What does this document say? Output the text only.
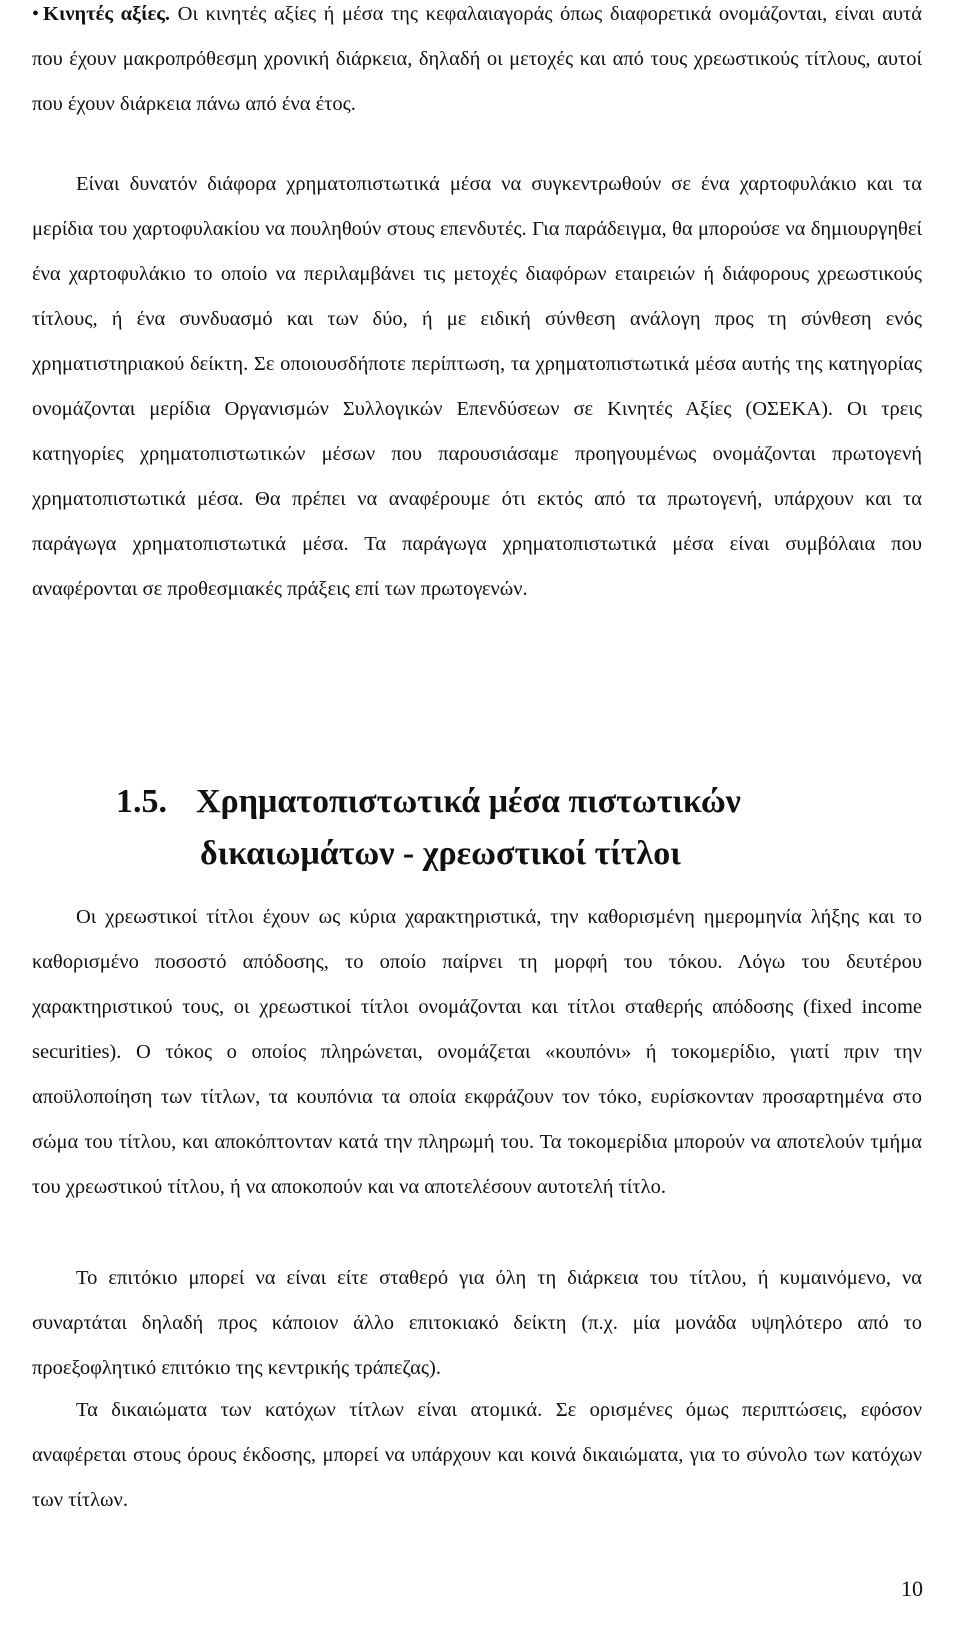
• Κινητές αξίες. Οι κινητές αξίες ή μέσα της κεφαλαιαγοράς όπως διαφορετικά ονομάζονται, είναι αυτά που έχουν μακροπρόθεσμη χρονική διάρκεια, δηλαδή οι μετοχές και από τους χρεωστικούς τίτλους, αυτοί που έχουν διάρκεια πάνω από ένα έτος.

Είναι δυνατόν διάφορα χρηματοπιστωτικά μέσα να συγκεντρωθούν σε ένα χαρτοφυλάκιο και τα μερίδια του χαρτοφυλακίου να πουληθούν στους επενδυτές. Για παράδειγμα, θα μπορούσε να δημιουργηθεί ένα χαρτοφυλάκιο το οποίο να περιλαμβάνει τις μετοχές διαφόρων εταιρειών ή διάφορους χρεωστικούς τίτλους, ή ένα συνδυασμό και των δύο, ή με ειδική σύνθεση ανάλογη προς τη σύνθεση ενός χρηματιστηριακού δείκτη. Σε οποιουσδήποτε περίπτωση, τα χρηματοπιστωτικά μέσα αυτής της κατηγορίας ονομάζονται μερίδια Οργανισμών Συλλογικών Επενδύσεων σε Κινητές Αξίες (ΟΣΕΚΑ). Οι τρεις κατηγορίες χρηματοπιστωτικών μέσων που παρουσιάσαμε προηγουμένως ονομάζονται πρωτογενή χρηματοπιστωτικά μέσα. Θα πρέπει να αναφέρουμε ότι εκτός από τα πρωτογενή, υπάρχουν και τα παράγωγα χρηματοπιστωτικά μέσα. Τα παράγωγα χρηματοπιστωτικά μέσα είναι συμβόλαια που αναφέρονται σε προθεσμιακές πράξεις επί των πρωτογενών.

1.5. Χρηματοπιστωτικά μέσα πιστωτικών
δικαιωμάτων - χρεωστικοί τίτλοι

Οι χρεωστικοί τίτλοι έχουν ως κύρια χαρακτηριστικά, την καθορισμένη ημερομηνία λήξης και το καθορισμένο ποσοστό απόδοσης, το οποίο παίρνει τη μορφή του τόκου. Λόγω του δευτέρου χαρακτηριστικού τους, οι χρεωστικοί τίτλοι ονομάζονται και τίτλοι σταθερής απόδοσης (fixed income securities). Ο τόκος ο οποίος πληρώνεται, ονομάζεται «κουπόνι» ή τοκομερίδιο, γιατί πριν την αποϋλοποίηση των τίτλων, τα κουπόνια τα οποία εκφράζουν τον τόκο, ευρίσκονταν προσαρτημένα στο σώμα του τίτλου, και αποκόπτονταν κατά την πληρωμή του. Τα τοκομερίδια μπορούν να αποτελούν τμήμα του χρεωστικού τίτλου, ή να αποκοπούν και να αποτελέσουν αυτοτελή τίτλο.

Το επιτόκιο μπορεί να είναι είτε σταθερό για όλη τη διάρκεια του τίτλου, ή κυμαινόμενο, να συναρτάται δηλαδή προς κάποιον άλλο επιτοκιακό δείκτη (π.χ. μία μονάδα υψηλότερο από το προεξοφλητικό επιτόκιο της κεντρικής τράπεζας).

Τα δικαιώματα των κατόχων τίτλων είναι ατομικά. Σε ορισμένες όμως περιπτώσεις, εφόσον αναφέρεται στους όρους έκδοσης, μπορεί να υπάρχουν και κοινά δικαιώματα, για το σύνολο των κατόχων των τίτλων.

10
